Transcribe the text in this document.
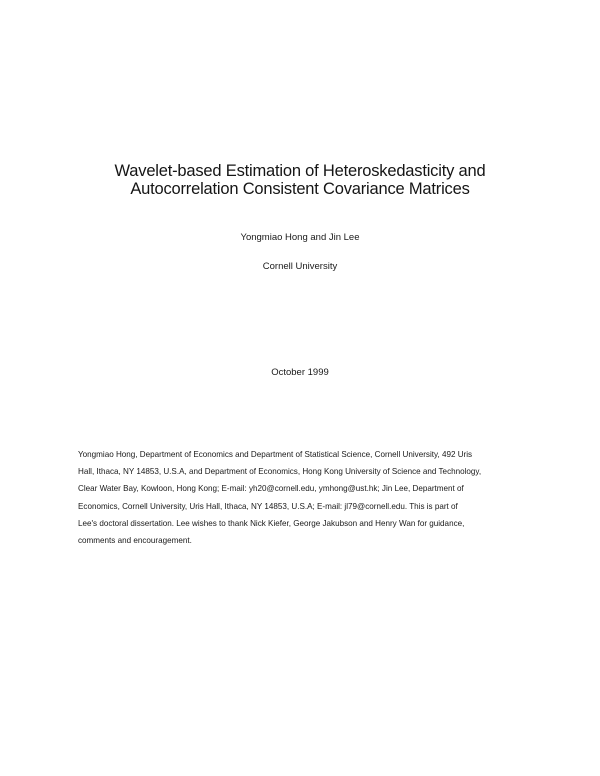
Wavelet-based Estimation of Heteroskedasticity and
Autocorrelation Consistent Covariance Matrices
Yongmiao Hong and Jin Lee
Cornell University
October 1999
Yongmiao Hong, Department of Economics and Department of Statistical Science, Cornell University, 492 Uris
Hall, Ithaca, NY 14853, U.S.A, and Department of Economics, Hong Kong University of Science and Technology,
Clear Water Bay, Kowloon, Hong Kong; E-mail: yh20@cornell.edu, ymhong@ust.hk; Jin Lee, Department of
Economics, Cornell University, Uris Hall, Ithaca, NY 14853, U.S.A; E-mail: jl79@cornell.edu. This is part of
Lee's doctoral dissertation. Lee wishes to thank Nick Kiefer, George Jakubson and Henry Wan for guidance,
comments and encouragement.
